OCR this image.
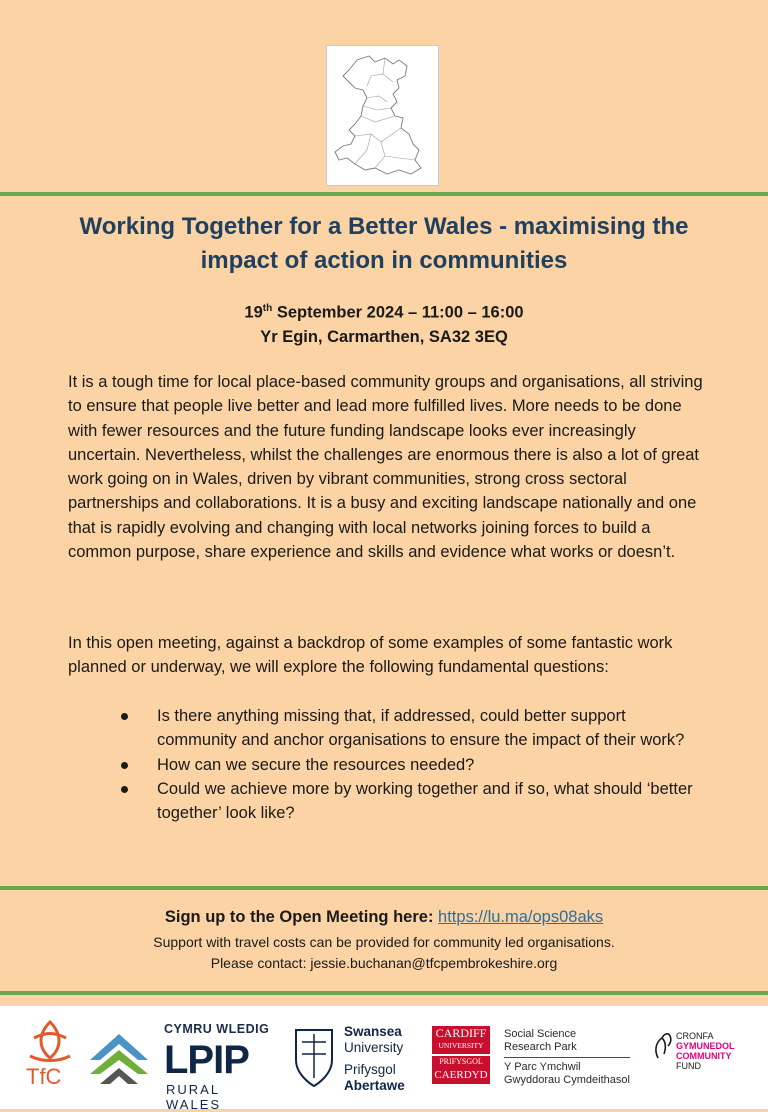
Working Together for a Better Wales - maximising the impact of action in communities
19th September 2024 – 11:00 – 16:00
Yr Egin, Carmarthen, SA32 3EQ

It is a tough time for local place-based community groups and organisations, all striving to ensure that people live better and lead more fulfilled lives. More needs to be done with fewer resources and the future funding landscape looks ever increasingly uncertain. Nevertheless, whilst the challenges are enormous there is also a lot of great work going on in Wales, driven by vibrant communities, strong cross sectoral partnerships and collaborations. It is a busy and exciting landscape nationally and one that is rapidly evolving and changing with local networks joining forces to build a common purpose, share experience and skills and evidence what works or doesn’t.

In this open meeting, against a backdrop of some examples of some fantastic work planned or underway, we will explore the following fundamental questions:

Is there anything missing that, if addressed, could better support community and anchor organisations to ensure the impact of their work?
How can we secure the resources needed?
Could we achieve more by working together and if so, what should ‘better together’ look like?
Sign up to the Open Meeting here: https://lu.ma/ops08aks
Support with travel costs can be provided for community led organisations.
Please contact: jessie.buchanan@tfcpembrokeshire.org
TfC
CYMRU WLEDIG
LPIP
RURAL WALES
Swansea
University
Prifysgol
Abertawe
CARDIFF
UNIVERSITY
PRIFYSGOL
CAERDYD
Social Science
Research Park
Y Parc Ymchwil
Gwyddorau Cymdeithasol
CRONFA
GYMUNEDOL
COMMUNITY
FUND
